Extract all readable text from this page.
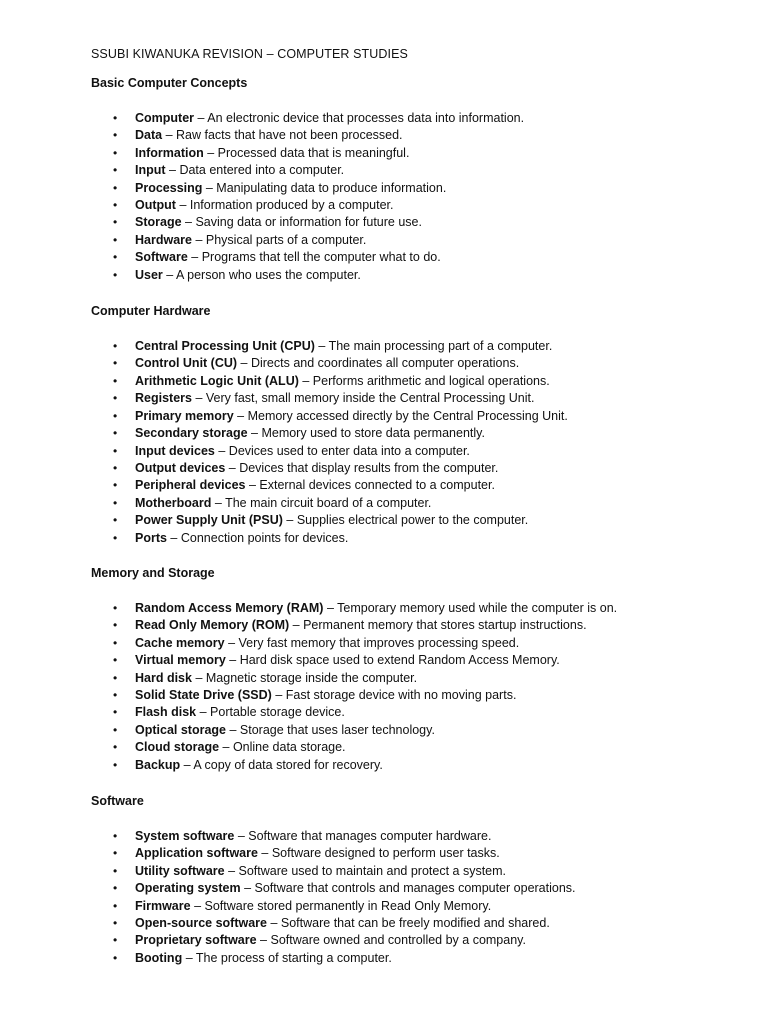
SSUBI KIWANUKA REVISION – COMPUTER STUDIES

Basic Computer Concepts

• Computer – An electronic device that processes data into information.
• Data – Raw facts that have not been processed.
• Information – Processed data that is meaningful.
• Input – Data entered into a computer.
• Processing – Manipulating data to produce information.
• Output – Information produced by a computer.
• Storage – Saving data or information for future use.
• Hardware – Physical parts of a computer.
• Software – Programs that tell the computer what to do.
• User – A person who uses the computer.

Computer Hardware

• Central Processing Unit (CPU) – The main processing part of a computer.
• Control Unit (CU) – Directs and coordinates all computer operations.
• Arithmetic Logic Unit (ALU) – Performs arithmetic and logical operations.
• Registers – Very fast, small memory inside the Central Processing Unit.
• Primary memory – Memory accessed directly by the Central Processing Unit.
• Secondary storage – Memory used to store data permanently.
• Input devices – Devices used to enter data into a computer.
• Output devices – Devices that display results from the computer.
• Peripheral devices – External devices connected to a computer.
• Motherboard – The main circuit board of a computer.
• Power Supply Unit (PSU) – Supplies electrical power to the computer.
• Ports – Connection points for devices.

Memory and Storage

• Random Access Memory (RAM) – Temporary memory used while the computer is on.
• Read Only Memory (ROM) – Permanent memory that stores startup instructions.
• Cache memory – Very fast memory that improves processing speed.
• Virtual memory – Hard disk space used to extend Random Access Memory.
• Hard disk – Magnetic storage inside the computer.
• Solid State Drive (SSD) – Fast storage device with no moving parts.
• Flash disk – Portable storage device.
• Optical storage – Storage that uses laser technology.
• Cloud storage – Online data storage.
• Backup – A copy of data stored for recovery.

Software

• System software – Software that manages computer hardware.
• Application software – Software designed to perform user tasks.
• Utility software – Software used to maintain and protect a system.
• Operating system – Software that controls and manages computer operations.
• Firmware – Software stored permanently in Read Only Memory.
• Open-source software – Software that can be freely modified and shared.
• Proprietary software – Software owned and controlled by a company.
• Booting – The process of starting a computer.
